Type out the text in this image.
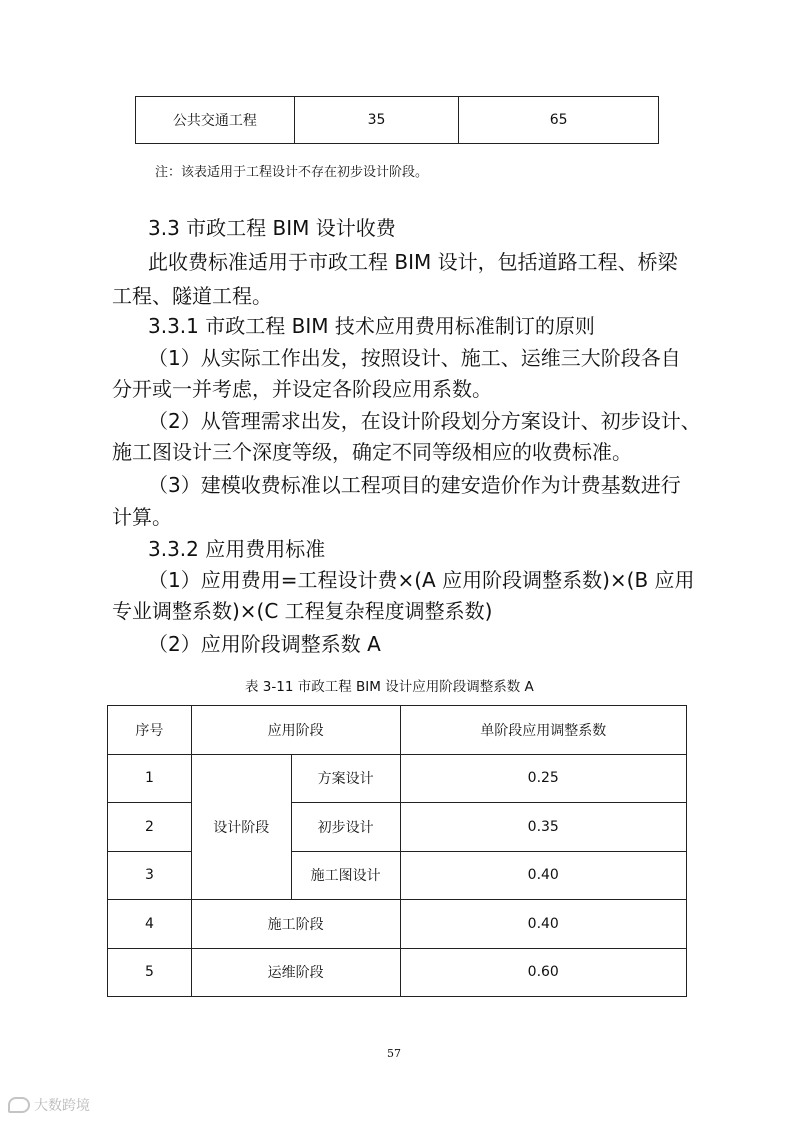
公共交通工程	35	65
注：该表适用于工程设计不存在初步设计阶段。
3.3 市政工程 BIM 设计收费
此收费标准适用于市政工程 BIM 设计，包括道路工程、桥梁
工程、隧道工程。
3.3.1 市政工程 BIM 技术应用费用标准制订的原则
（1）从实际工作出发，按照设计、施工、运维三大阶段各自
分开或一并考虑，并设定各阶段应用系数。
（2）从管理需求出发，在设计阶段划分方案设计、初步设计、
施工图设计三个深度等级，确定不同等级相应的收费标准。
（3）建模收费标准以工程项目的建安造价作为计费基数进行
计算。
3.3.2 应用费用标准
（1）应用费用=工程设计费×(A 应用阶段调整系数)×(B 应用
专业调整系数)×(C 工程复杂程度调整系数)
（2）应用阶段调整系数 A
表 3-11 市政工程 BIM 设计应用阶段调整系数 A
序号	应用阶段		单阶段应用调整系数
1	设计阶段	方案设计	0.25
2		初步设计	0.35
3		施工图设计	0.40
4	施工阶段		0.40
5	运维阶段		0.60
57
大数跨境
